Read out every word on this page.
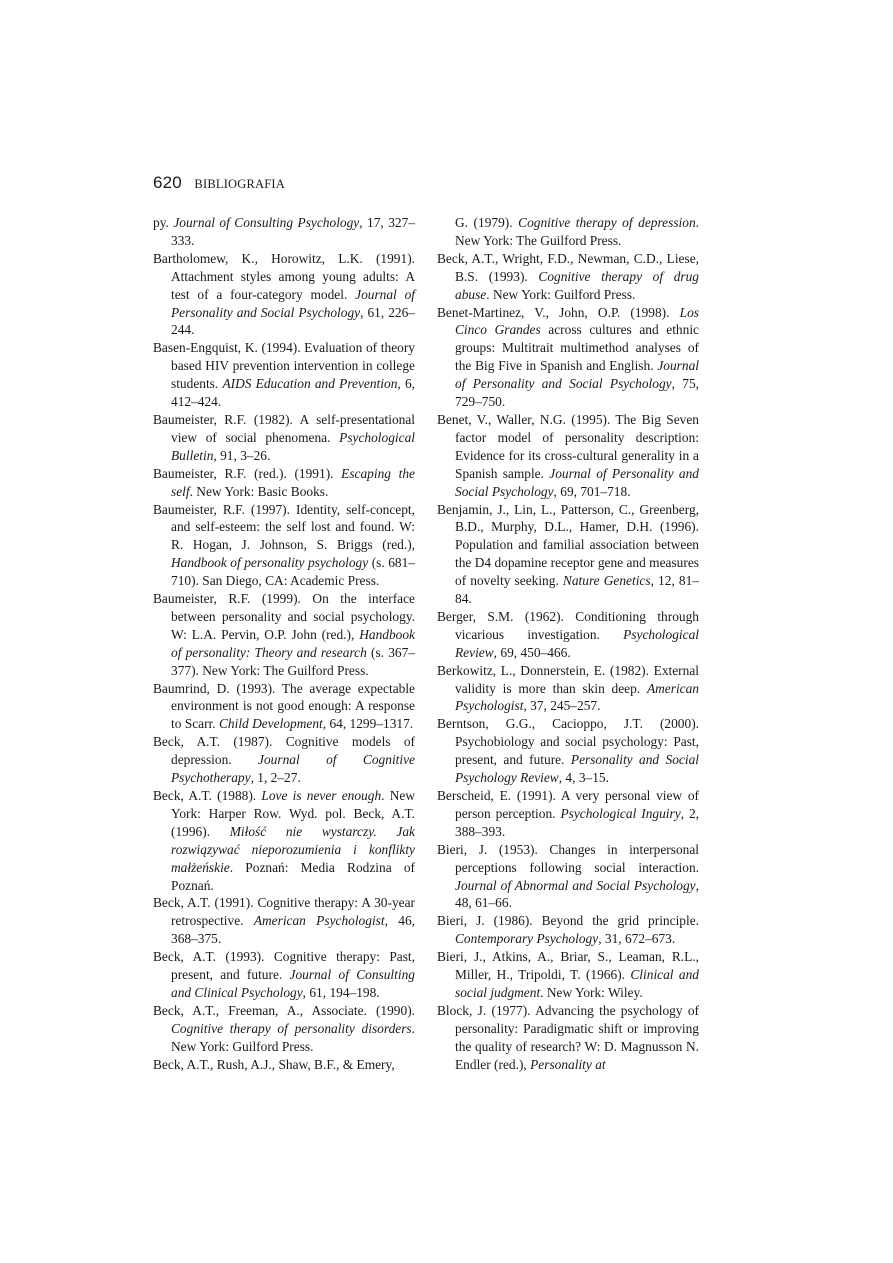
620 BIBLIOGRAFIA

py. Journal of Consulting Psychology, 17, 327–333.

Bartholomew, K., Horowitz, L.K. (1991). Attachment styles among young adults: A test of a four-category model. Journal of Personality and Social Psychology, 61, 226–244.

Basen-Engquist, K. (1994). Evaluation of theory based HIV prevention intervention in college students. AIDS Education and Prevention, 6, 412–424.

Baumeister, R.F. (1982). A self-presentational view of social phenomena. Psychological Bulletin, 91, 3–26.

Baumeister, R.F. (red.). (1991). Escaping the self. New York: Basic Books.

Baumeister, R.F. (1997). Identity, self-concept, and self-esteem: the self lost and found. W: R. Hogan, J. Johnson, S. Briggs (red.), Handbook of personality psychology (s. 681–710). San Diego, CA: Academic Press.

Baumeister, R.F. (1999). On the interface between personality and social psychology. W: L.A. Pervin, O.P. John (red.), Handbook of personality: Theory and research (s. 367–377). New York: The Guilford Press.

Baumrind, D. (1993). The average expectable environment is not good enough: A response to Scarr. Child Development, 64, 1299–1317.

Beck, A.T. (1987). Cognitive models of depression. Journal of Cognitive Psychotherapy, 1, 2–27.

Beck, A.T. (1988). Love is never enough. New York: Harper Row. Wyd. pol. Beck, A.T. (1996). Miłość nie wystarczy. Jak rozwiązywać nieporozumienia i konflikty małżeńskie. Poznań: Media Rodzina of Poznań.

Beck, A.T. (1991). Cognitive therapy: A 30-year retrospective. American Psychologist, 46, 368–375.

Beck, A.T. (1993). Cognitive therapy: Past, present, and future. Journal of Consulting and Clinical Psychology, 61, 194–198.

Beck, A.T., Freeman, A., Associate. (1990). Cognitive therapy of personality disorders. New York: Guilford Press.

Beck, A.T., Rush, A.J., Shaw, B.F., & Emery,

G. (1979). Cognitive therapy of depression. New York: The Guilford Press.

Beck, A.T., Wright, F.D., Newman, C.D., Liese, B.S. (1993). Cognitive therapy of drug abuse. New York: Guilford Press.

Benet-Martinez, V., John, O.P. (1998). Los Cinco Grandes across cultures and ethnic groups: Multitrait multimethod analyses of the Big Five in Spanish and English. Journal of Personality and Social Psychology, 75, 729–750.

Benet, V., Waller, N.G. (1995). The Big Seven factor model of personality description: Evidence for its cross-cultural generality in a Spanish sample. Journal of Personality and Social Psychology, 69, 701–718.

Benjamin, J., Lin, L., Patterson, C., Greenberg, B.D., Murphy, D.L., Hamer, D.H. (1996). Population and familial association between the D4 dopamine receptor gene and measures of novelty seeking. Nature Genetics, 12, 81–84.

Berger, S.M. (1962). Conditioning through vicarious investigation. Psychological Review, 69, 450–466.

Berkowitz, L., Donnerstein, E. (1982). External validity is more than skin deep. American Psychologist, 37, 245–257.

Berntson, G.G., Cacioppo, J.T. (2000). Psychobiology and social psychology: Past, present, and future. Personality and Social Psychology Review, 4, 3–15.

Berscheid, E. (1991). A very personal view of person perception. Psychological Inguiry, 2, 388–393.

Bieri, J. (1953). Changes in interpersonal perceptions following social interaction. Journal of Abnormal and Social Psychology, 48, 61–66.

Bieri, J. (1986). Beyond the grid principle. Contemporary Psychology, 31, 672–673.

Bieri, J., Atkins, A., Briar, S., Leaman, R.L., Miller, H., Tripoldi, T. (1966). Clinical and social judgment. New York: Wiley.

Block, J. (1977). Advancing the psychology of personality: Paradigmatic shift or improving the quality of research? W: D. Magnusson N. Endler (red.), Personality at
